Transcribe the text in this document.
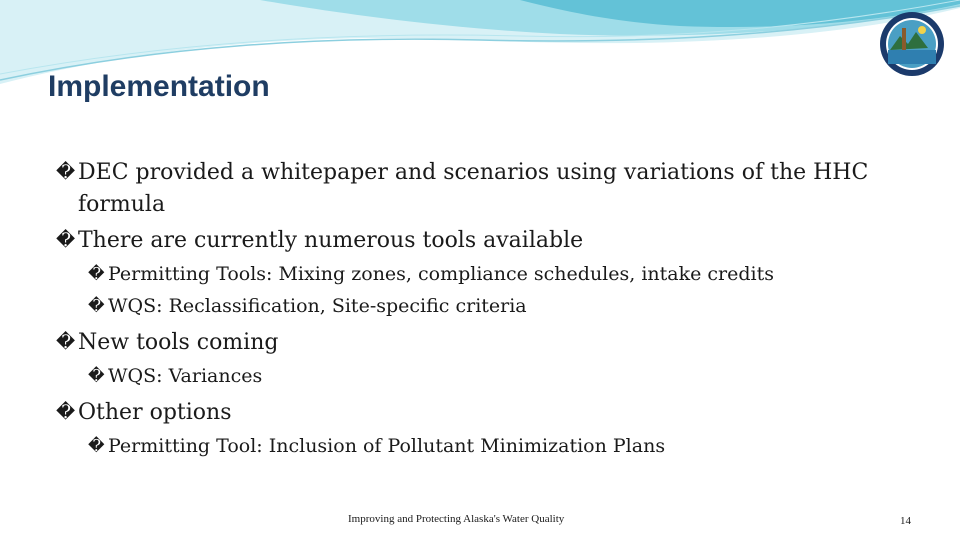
Implementation
� DEC provided a whitepaper and scenarios using variations of the HHC formula
� There are currently numerous tools available
� Permitting Tools: Mixing zones, compliance schedules, intake credits
� WQS: Reclassification, Site-specific criteria
� New tools coming
� WQS: Variances
� Other options
� Permitting Tool: Inclusion of Pollutant Minimization Plans
Improving and Protecting Alaska's Water Quality	14
